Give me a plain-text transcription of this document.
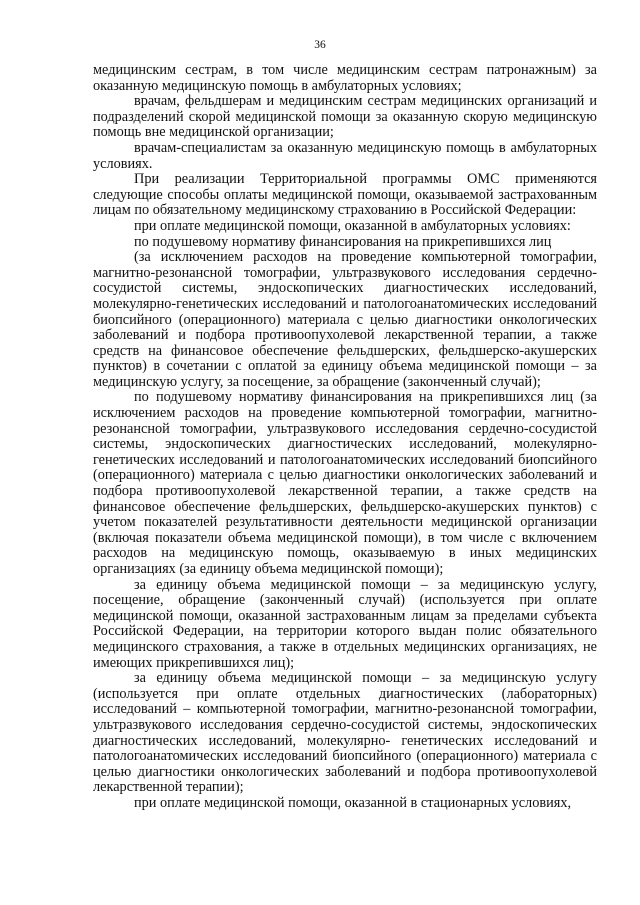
36

медицинским сестрам, в том числе медицинским сестрам патронажным) за оказанную медицинскую помощь в амбулаторных условиях;

врачам, фельдшерам и медицинским сестрам медицинских организаций и подразделений скорой медицинской помощи за оказанную скорую медицинскую помощь вне медицинской организации;

врачам-специалистам за оказанную медицинскую помощь в амбулаторных условиях.

При реализации Территориальной программы ОМС применяются следующие способы оплаты медицинской помощи, оказываемой застрахованным лицам по обязательному медицинскому страхованию в Российской Федерации:

при оплате медицинской помощи, оказанной в амбулаторных условиях:

по подушевому нормативу финансирования на прикрепившихся лиц

(за исключением расходов на проведение компьютерной томографии, магнитно-резонансной томографии, ультразвукового исследования сердечно-сосудистой системы, эндоскопических диагностических исследований, молекулярно-генетических исследований и патологоанатомических исследований биопсийного (операционного) материала с целью диагностики онкологических заболеваний и подбора противоопухолевой лекарственной терапии, а также средств на финансовое обеспечение фельдшерских, фельдшерско-акушерских пунктов) в сочетании с оплатой за единицу объема медицинской помощи – за медицинскую услугу, за посещение, за обращение (законченный случай);

по подушевому нормативу финансирования на прикрепившихся лиц (за исключением расходов на проведение компьютерной томографии, магнитно-резонансной томографии, ультразвукового исследования сердечно-сосудистой системы, эндоскопических диагностических исследований, молекулярно-генетических исследований и патологоанатомических исследований биопсийного (операционного) материала с целью диагностики онкологических заболеваний и подбора противоопухолевой лекарственной терапии, а также средств на финансовое обеспечение фельдшерских, фельдшерско-акушерских пунктов) с учетом показателей результативности деятельности медицинской организации (включая показатели объема медицинской помощи), в том числе с включением расходов на медицинскую помощь, оказываемую в иных медицинских организациях (за единицу объема медицинской помощи);

за единицу объема медицинской помощи – за медицинскую услугу, посещение, обращение (законченный случай) (используется при оплате медицинской помощи, оказанной застрахованным лицам за пределами субъекта Российской Федерации, на территории которого выдан полис обязательного медицинского страхования, а также в отдельных медицинских организациях, не имеющих прикрепившихся лиц);

за единицу объема медицинской помощи – за медицинскую услугу (используется при оплате отдельных диагностических (лабораторных) исследований – компьютерной томографии, магнитно-резонансной томографии, ультразвукового исследования сердечно-сосудистой системы, эндоскопических диагностических исследований, молекулярно- генетических исследований и патологоанатомических исследований биопсийного (операционного) материала с целью диагностики онкологических заболеваний и подбора противоопухолевой лекарственной терапии);

при оплате медицинской помощи, оказанной в стационарных условиях,
